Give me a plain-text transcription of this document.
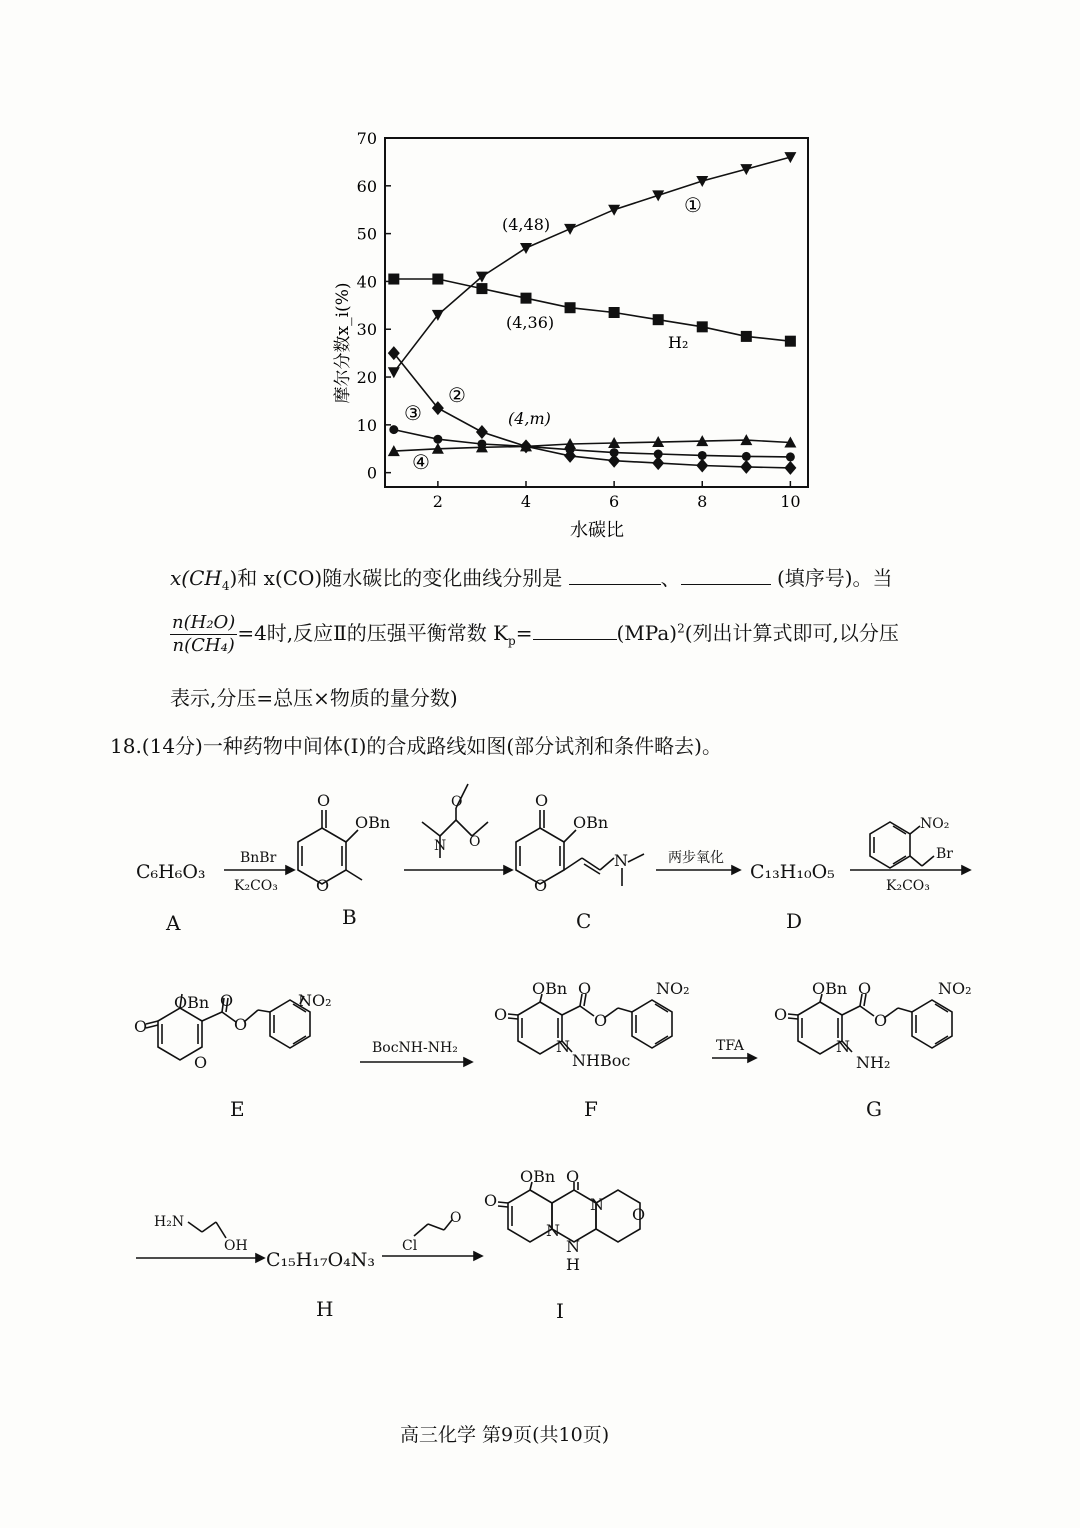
0
10
20
30
40
50
60
70
2	4	6	8	10
摩尔分数x_i(%)
水碳比
(4,48)
(4,36)
(4,m)
①
②
③
④
H₂
$x(CH_4)$和 x(CO)随水碳比的变化曲线分别是	、	(填序号)。当
$\frac{\text{n(H₂O)}}{\text{n(CH₄)}} =4$时,反应Ⅱ的压强平衡常数 $K_p=$	(MPa)$^2$(列出计算式即可,以分压
表示,分压=总压×物质的量分数)
18.(14分)一种药物中间体(Ⅰ)的合成路线如图(部分试剂和条件略去)。
C₆H₆O₃
BnBr
K₂CO₃
O
OBn
O
O
O
N
O
OBn
O
N	两步氧化
C₁₃H₁₀O₅
NO₂
Br
K₂CO₃
A	B	C	D
OBn
O
O
O
O
NO₂
BocNH-NH₂
OBn
O
O
O
N
NHBoc
NO₂
TFA
OBn
O
O
O
N
NH₂
NO₂
E	F	G
H₂N
OH
C₁₅H₁₇O₄N₃
Cl
O
OBn
O
O
N
N
N
H
O
H	I
高三化学 第9页(共10页)
